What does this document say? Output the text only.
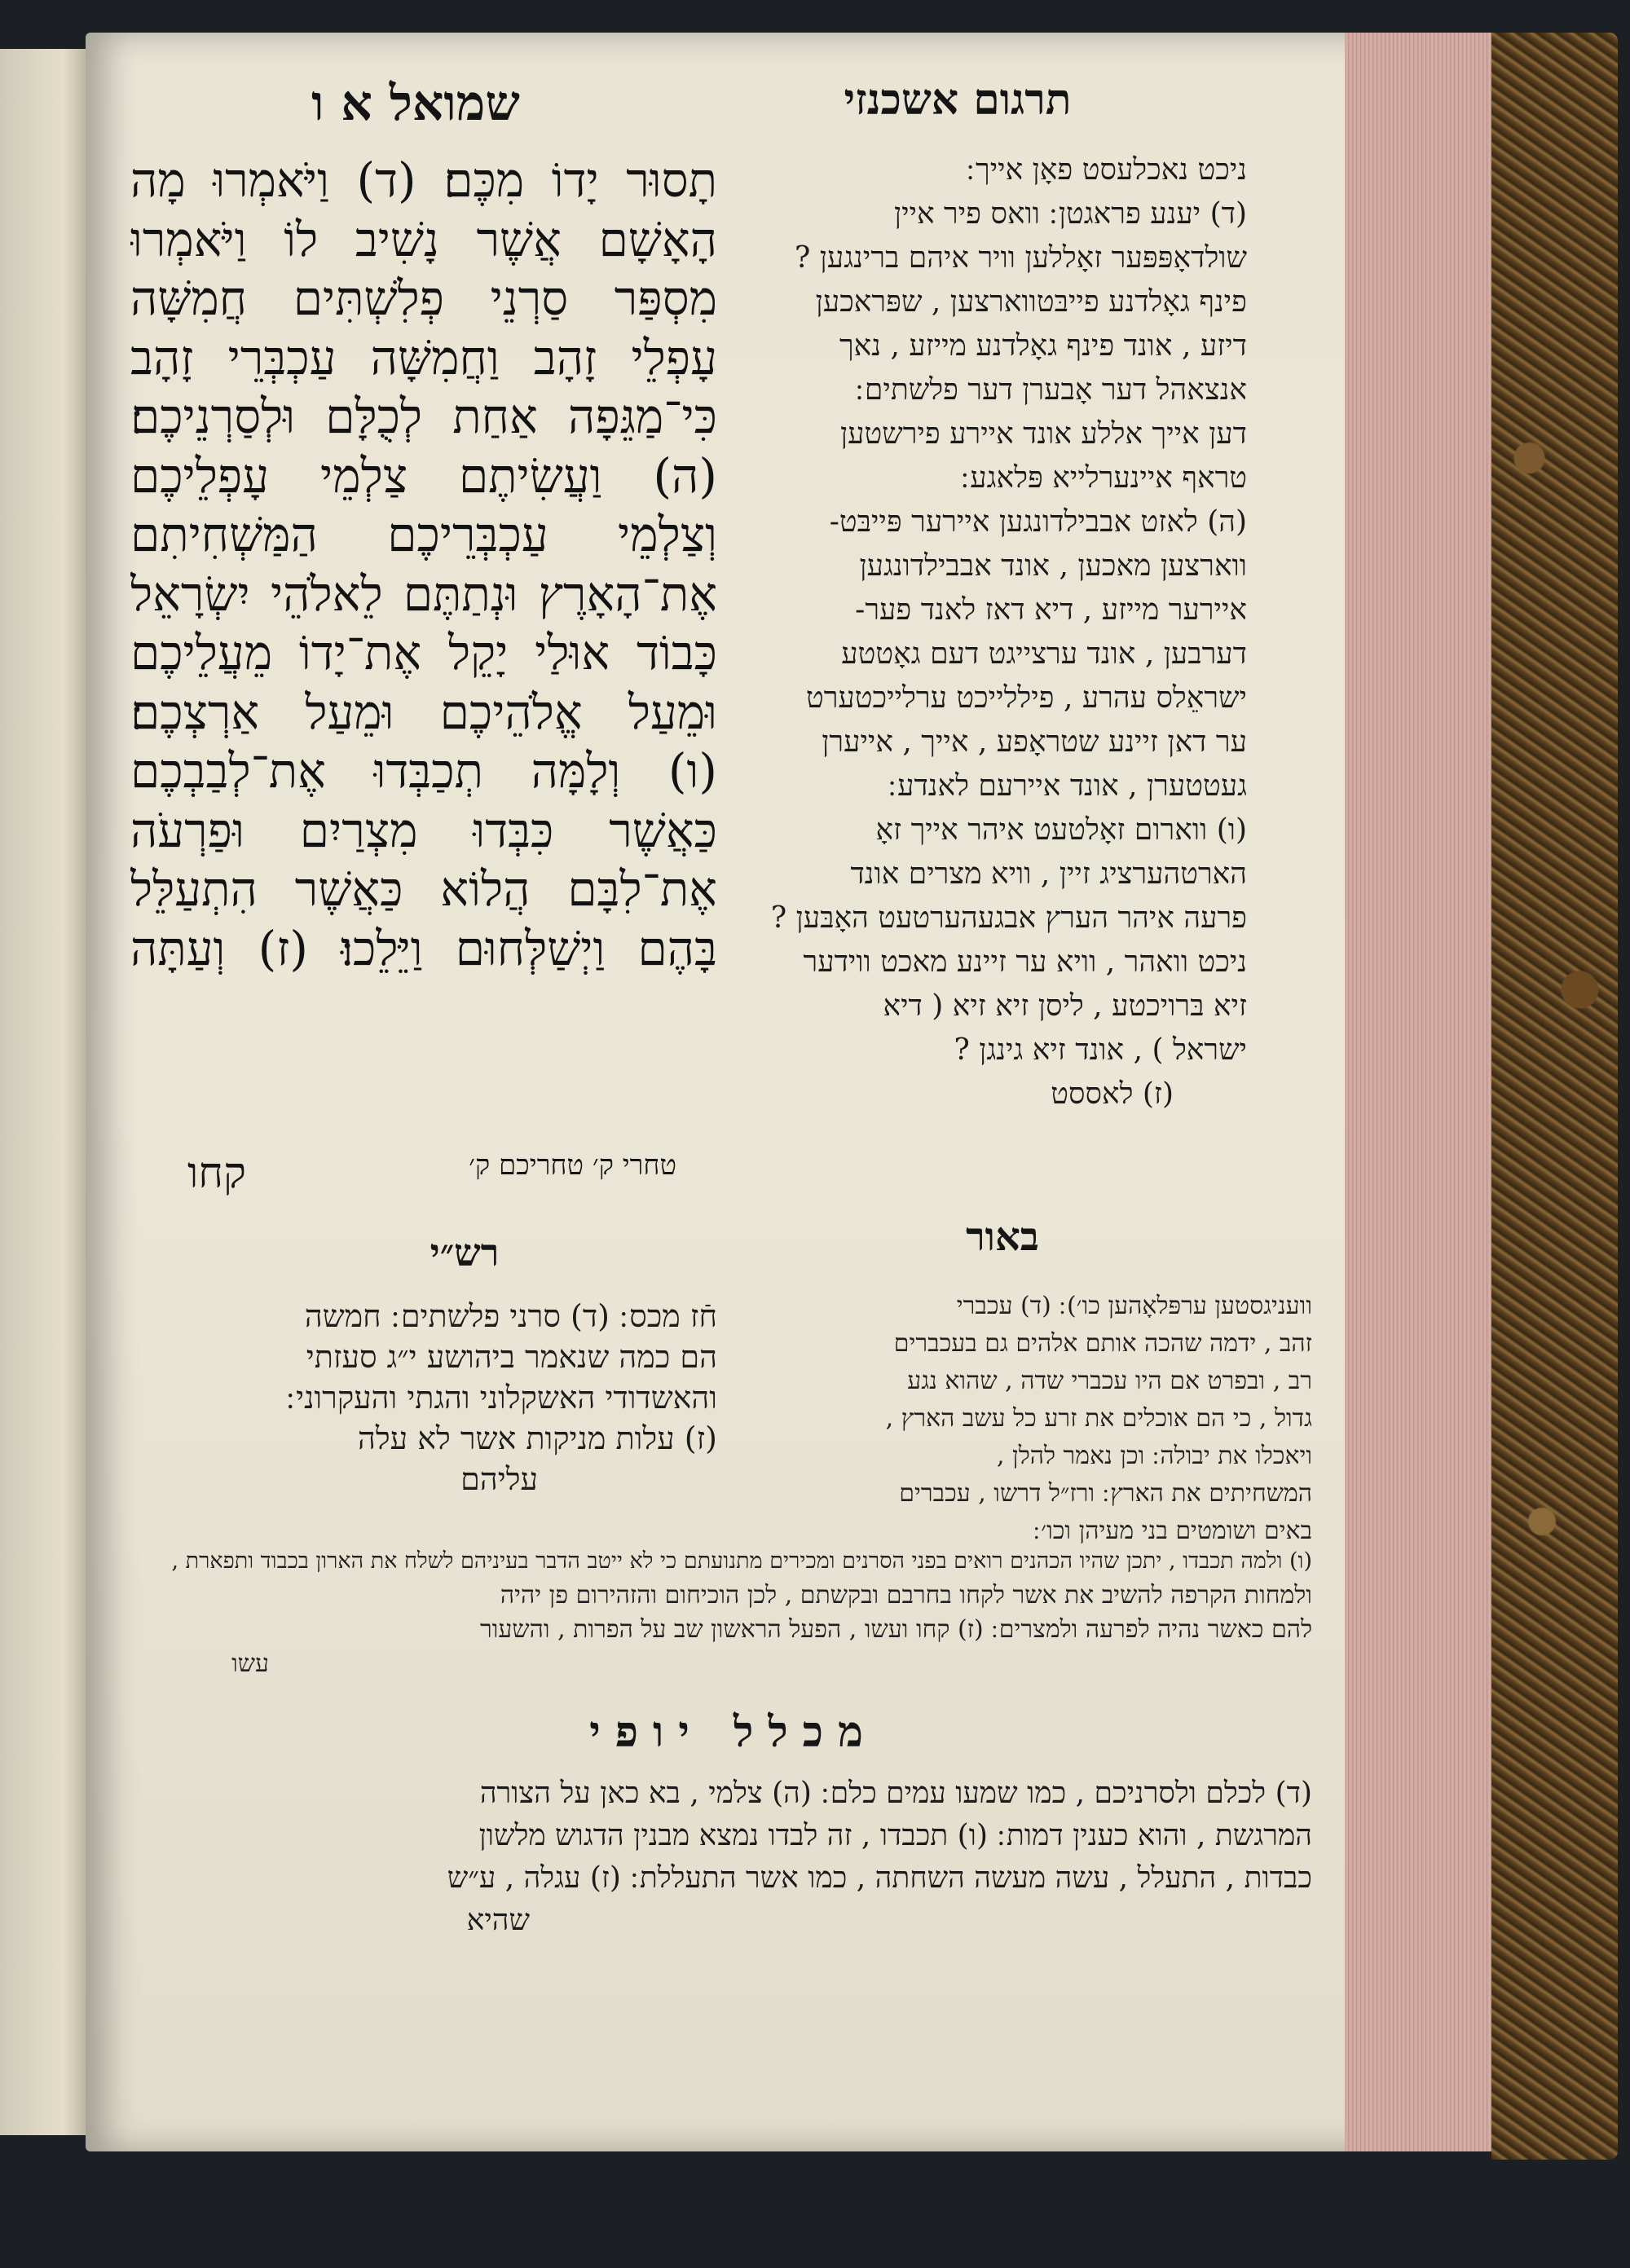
שמואל א ו	תרגום אשכנזי
תָסוּר יָדוֹ מִכֶּם׃ (ד) וַיֹּאמְרוּ מָה
הָאָשָׁם אֲשֶׁר נָשִׁיב לוֹ וַיֹּאמְרוּ
מִסְפַּר סַרְנֵי פְלִשְׁתִּים חֲמִשָּׁה
עָפְלֵי זָהָב וַחֲמִשָּׁה עַכְבְּרֵי זָהָב
כִּי־מַגֵּפָה אַחַת לְכֻלָּם וּלְסַרְנֵיכֶם׃
(ה) וַעֲשִׂיתֶם צַלְמֵי עָפְלֵיכֶם
וְצַלְמֵי עַכְבְּרֵיכֶם הַמַּשְׁחִיתִם
אֶת־הָאָרֶץ וּנְתַתֶּם לֵאלֹהֵי יִשְׂרָאֵל
כָּבוֹד אוּלַי יָקֵל אֶת־יָדוֹ מֵעֲלֵיכֶם
וּמֵעַל אֱלֹהֵיכֶם וּמֵעַל אַרְצְכֶם׃
(ו) וְלָמָּה תְכַבְּדוּ אֶת־לְבַבְכֶם
כַּאֲשֶׁר כִּבְּדוּ מִצְרַיִם וּפַרְעֹה
אֶת־לִבָּם הֲלוֹא כַּאֲשֶׁר הִתְעַלֵּל
בָּהֶם וַיְשַׁלְּחוּם וַיֵּלֵכוּ׃ (ז) וְעַתָּה
טחרי ק׳ טחריכם ק׳
קחו
ניכט נאכלעסט פאָן אייך ׃
(ד) יענע פראגטן ׃ וואס פיר איין
שולדאָפּפּער זאָללען וויר איהם ברינגען ?
פינף גאָלדנע פייבּטווארצען , שפּראכען
דיזע , אונד פינף גאָלדנע מייזע , נאך
אנצאהל דער אָבערן דער פלשתים ׃
דען אייך אללע אונד איירע פירשטען
טראף איינערלייא פּלאגע ׃
(ה) לאזט אבבילדונגען איירער פּייבּט-
ווארצען מאכען , אונד אבבילדונגען
איירער מייזע , דיא דאז לאנד פער-
דערבען , אונד ערצייגט דעם גאָטטע
ישראֵלס עהרע , פיללייכט ערלייכטערט
ער דאן זיינע שטראָפע , אייך , אייערן
געטטערן , אונד איירעם לאנדע ׃
(ו) ווארום זאָלטעט איהר אייך זאָ
הארטהערציג זיין , וויא מצרים אונד
פרעה איהר הערץ אבגעהערטעט האָבּען ?
ניכט וואהר , וויא ער זיינע מאכט ווידער
זיא בּרויכטע , ליסן זיא זיא ( דיא
ישראל ) , אונד זיא גינגן ?
(ז) לאססט
באור
רש״י
חֿז מכס ׃ (ד) סרני פלשתים ׃ חמשה
הם כמה שנאמר ביהושע י״ג סעזתי
והאשדודי האשקלוני והגתי והעקרוני ׃
(ז) עלות מניקות אשר לא עלה
עליהם
וועניגסטען ערפּלאָהען כו׳) ׃ (ד) עכברי
זהב , ידמה שהכה אותם אלהים גם בעכברים
רב , ובפרט אם היו עכברי שדה , שהוא נגע
גדול , כי הם אוכלים את זרע כל עשב הארץ ,
ויאכלו את יבולה ׃ וכן נאמר להלן ,
המשחיתים את הארץ ׃ ורז״ל דרשו , עכברים
באים ושומטים בני מעיהן וכו׳ ׃
(ו) ולמה תכבדו , יתכן שהיו הכהנים רואים בפני הסרנים ומכירים מתנועתם כי לא ייטב הדבר בעיניהם לשלח את הארון בכבוד ותפארת ,
ולמחות הקרפה להשיב את אשר לקחו בחרבם ובקשתם , לכן הוכיחום והזהירום פן יהיה
להם כאשר נהיה לפרעה ולמצרים ׃ (ז) קחו ועשו , הפעל הראשון שב על הפרות , והשעור
עשו
מכלל יופי
(ד) לכלם ולסרניכם , כמו שמעו עמים כלם ׃ (ה) צלמי , בא כאן על הצורה
המרגשת , והוא כענין דמות ׃ (ו) תכבדו , זה לבדו נמצא מבנין הדגוש מלשון
כבדות , התעלל , עשה מעשה השחתה , כמו אשר התעללת ׃ (ז) עגלה , ע״ש
שהיא
